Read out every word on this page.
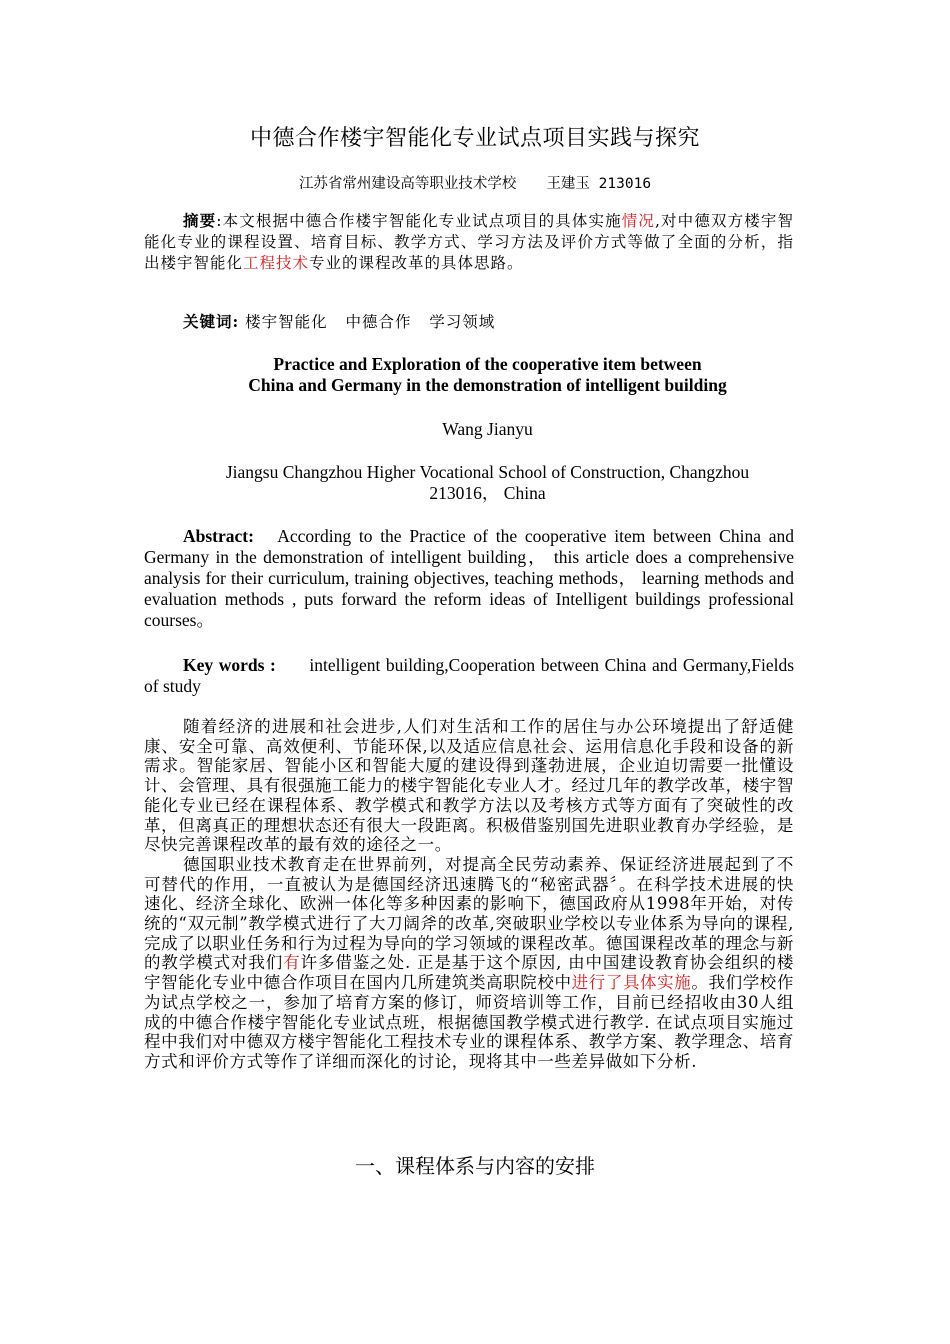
中德合作楼宇智能化专业试点项目实践与探究
江苏省常州建设高等职业技术学校 王建玉 213016
摘要:本文根据中德合作楼宇智能化专业试点项目的具体实施情况,对中德双方楼宇智能化专业的课程设置、培育目标、教学方式、学习方法及评价方式等做了全面的分析，指出楼宇智能化工程技术专业的课程改革的具体思路。
关键词: 楼宇智能化   中德合作   学习领域
Practice and Exploration of the cooperative item between
China and Germany in the demonstration of intelligent building
Wang Jianyu
Jiangsu Changzhou Higher Vocational School of Construction, Changzhou
213016， China
Abstract: According to the Practice of the cooperative item between China and Germany in the demonstration of intelligent building， this article does a comprehensive analysis for their curriculum, training objectives, teaching methods， learning methods and evaluation methods , puts forward the reform ideas of Intelligent buildings professional courses。
Key words : intelligent building,Cooperation between China and Germany,Fields of study

随着经济的进展和社会进步,人们对生活和工作的居住与办公环境提出了舒适健康、安全可靠、高效便利、节能环保,以及适应信息社会、运用信息化手段和设备的新需求。智能家居、智能小区和智能大厦的建设得到蓬勃进展，企业迫切需要一批懂设计、会管理、具有很强施工能力的楼宇智能化专业人才。经过几年的教学改革，楼宇智能化专业已经在课程体系、教学模式和教学方法以及考核方式等方面有了突破性的改革，但离真正的理想状态还有很大一段距离。积极借鉴别国先进职业教育办学经验，是尽快完善课程改革的最有效的途径之一。

德国职业技术教育走在世界前列，对提高全民劳动素养、保证经济进展起到了不可替代的作用，一直被认为是德国经济迅速腾飞的“秘密武器〞。在科学技术进展的快速化、经济全球化、欧洲一体化等多种因素的影响下，德国政府从1998年开始，对传统的“双元制”教学模式进行了大刀阔斧的改革,突破职业学校以专业体系为导向的课程,完成了以职业任务和行为过程为导向的学习领域的课程改革。德国课程改革的理念与新的教学模式对我们有许多借鉴之处. 正是基于这个原因, 由中国建设教育协会组织的楼宇智能化专业中德合作项目在国内几所建筑类高职院校中进行了具体实施。我们学校作为试点学校之一，参加了培育方案的修订，师资培训等工作，目前已经招收由30人组成的中德合作楼宇智能化专业试点班，根据德国教学模式进行教学. 在试点项目实施过程中我们对中德双方楼宇智能化工程技术专业的课程体系、教学方案、教学理念、培育方式和评价方式等作了详细而深化的讨论，现将其中一些差异做如下分析.

一、课程体系与内容的安排
